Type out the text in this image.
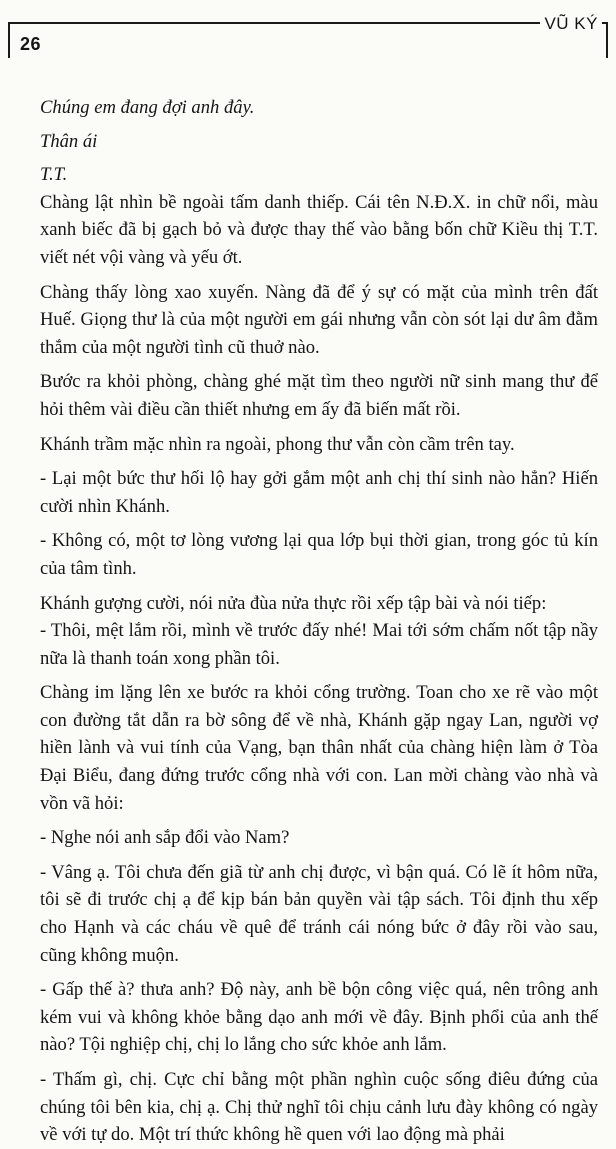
26
VŨ KÝ

Chúng em đang đợi anh đây.

Thân ái

T.T.

Chàng lật nhìn bề ngoài tấm danh thiếp. Cái tên N.Đ.X. in chữ nổi, màu xanh biếc đã bị gạch bỏ và được thay thế vào bằng bốn chữ Kiều thị T.T. viết nét vội vàng và yếu ớt.

Chàng thấy lòng xao xuyến. Nàng đã để ý sự có mặt của mình trên đất Huế. Giọng thư là của một người em gái nhưng vẫn còn sót lại dư âm đằm thắm của một người tình cũ thuở nào.

Bước ra khỏi phòng, chàng ghé mặt tìm theo người nữ sinh mang thư để hỏi thêm vài điều cần thiết nhưng em ấy đã biến mất rồi.

Khánh trầm mặc nhìn ra ngoài, phong thư vẫn còn cầm trên tay.

- Lại một bức thư hối lộ hay gởi gắm một anh chị thí sinh nào hẳn? Hiến cười nhìn Khánh.

- Không có, một tơ lòng vương lại qua lớp bụi thời gian, trong góc tủ kín của tâm tình.

Khánh gượng cười, nói nửa đùa nửa thực rồi xếp tập bài và nói tiếp:

- Thôi, mệt lắm rồi, mình về trước đấy nhé! Mai tới sớm chấm nốt tập nầy nữa là thanh toán xong phần tôi.

Chàng im lặng lên xe bước ra khỏi cổng trường. Toan cho xe rẽ vào một con đường tắt dẫn ra bờ sông để về nhà, Khánh gặp ngay Lan, người vợ hiền lành và vui tính của Vạng, bạn thân nhất của chàng hiện làm ở Tòa Đại Biểu, đang đứng trước cổng nhà với con. Lan mời chàng vào nhà và vồn vã hỏi:

- Nghe nói anh sắp đổi vào Nam?

- Vâng ạ. Tôi chưa đến giã từ anh chị được, vì bận quá. Có lẽ ít hôm nữa, tôi sẽ đi trước chị ạ để kịp bán bản quyền vài tập sách. Tôi định thu xếp cho Hạnh và các cháu về quê để tránh cái nóng bức ở đây rồi vào sau, cũng không muộn.

- Gấp thế à? thưa anh? Độ này, anh bề bộn công việc quá, nên trông anh kém vui và không khỏe bằng dạo anh mới về đây. Bịnh phổi của anh thế nào? Tội nghiệp chị, chị lo lắng cho sức khỏe anh lắm.

- Thấm gì, chị. Cực chỉ bằng một phần nghìn cuộc sống điêu đứng của chúng tôi bên kia, chị ạ. Chị thử nghĩ tôi chịu cảnh lưu đày không có ngày về với tự do. Một trí thức không hề quen với lao động mà phải
